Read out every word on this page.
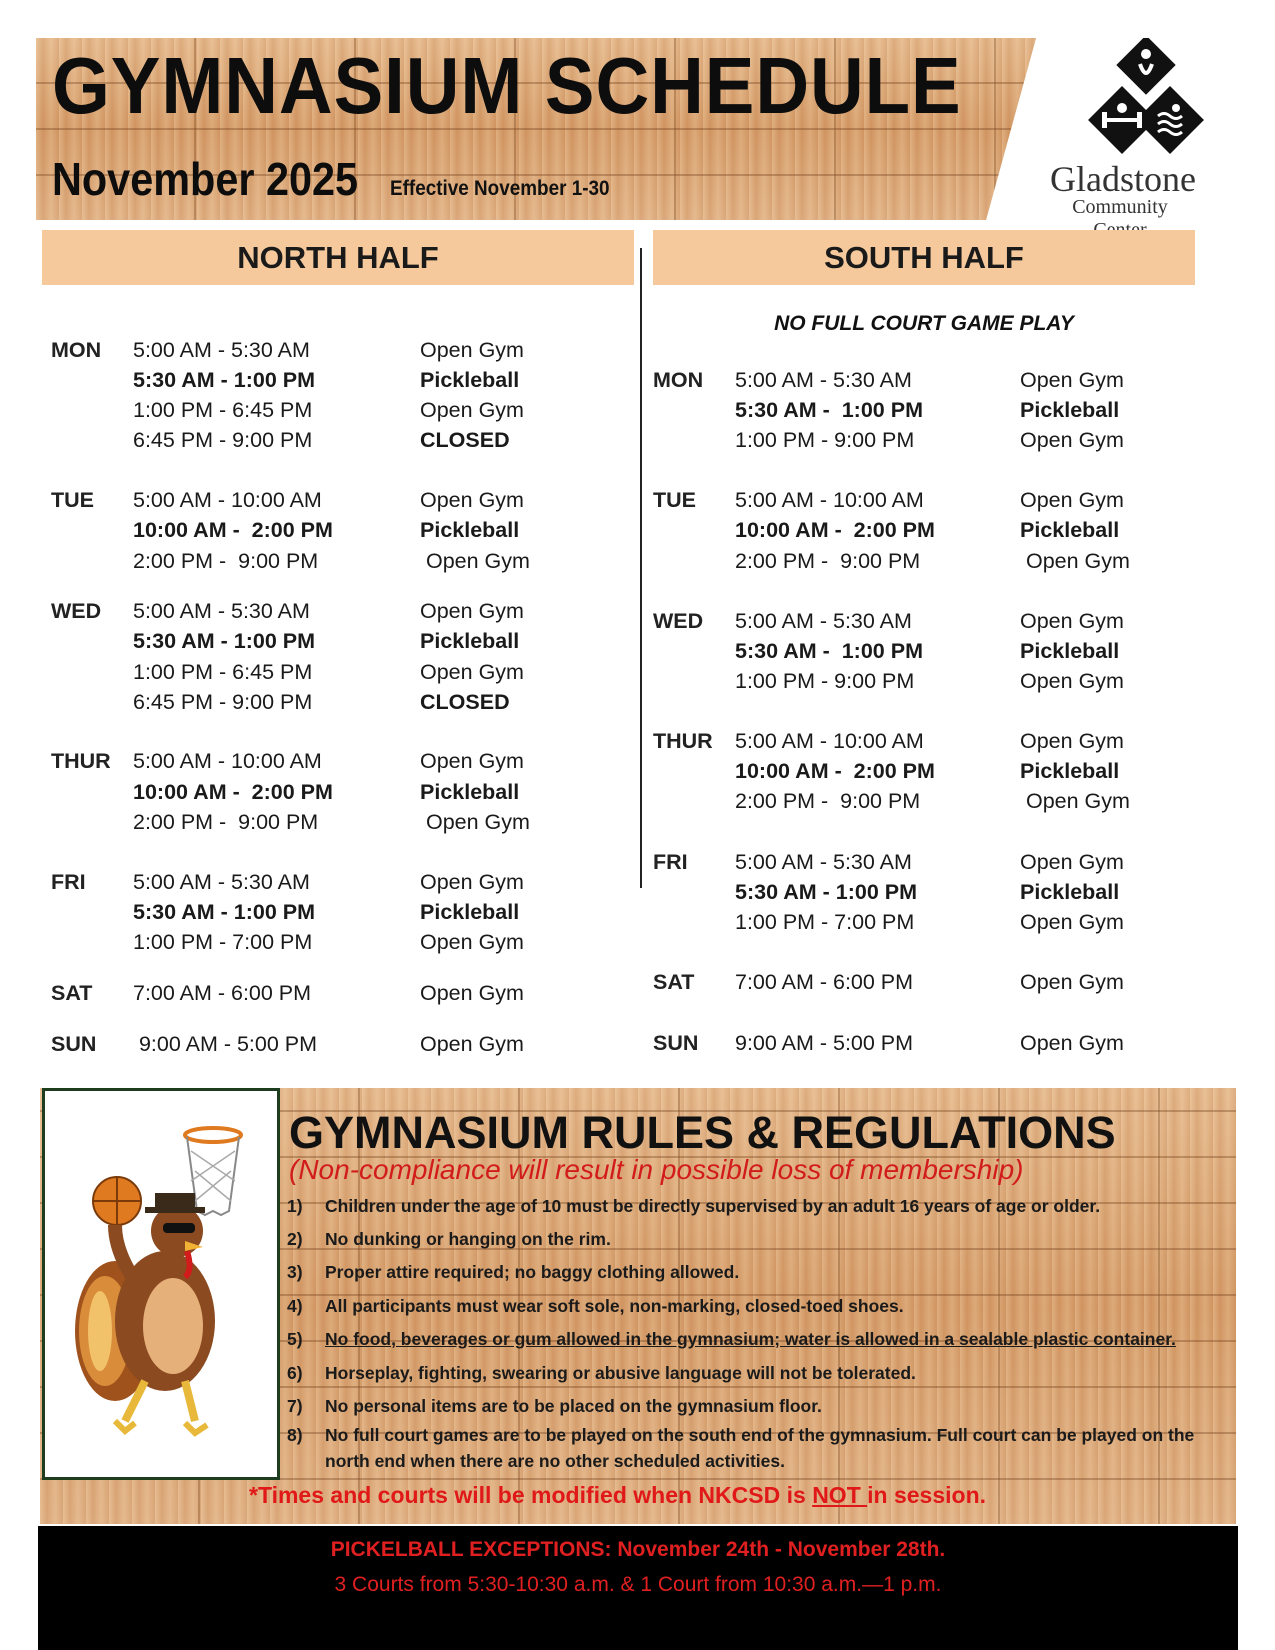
GYMNASIUM SCHEDULE
November 2025 Effective November 1-30	Gladstone
Community
NORTH HALF	SOUTH HALF
NO FULL COURT GAME PLAY
MON 5:00 AM - 5:30 AM	Open Gym
5:30 AM - 1:00 PM	Pickleball
1:00 PM - 6:45 PM	Open Gym
6:45 PM - 9:00 PM	CLOSED
TUE 5:00 AM - 10:00 AM	Open Gym
10:00 AM -  2:00 PM	Pickleball
2:00 PM -  9:00 PM	Open Gym
WED 5:00 AM - 5:30 AM	Open Gym
5:30 AM - 1:00 PM	Pickleball
1:00 PM - 6:45 PM	Open Gym
6:45 PM - 9:00 PM	CLOSED
THUR 5:00 AM - 10:00 AM	Open Gym
10:00 AM -  2:00 PM	Pickleball
2:00 PM -  9:00 PM	Open Gym
FRI 5:00 AM - 5:30 AM	Open Gym
5:30 AM - 1:00 PM	Pickleball
1:00 PM - 7:00 PM	Open Gym
SAT 7:00 AM - 6:00 PM	Open Gym
SUN 9:00 AM - 5:00 PM	Open Gym
MON 5:00 AM - 5:30 AM	Open Gym
5:30 AM -  1:00 PM	Pickleball
1:00 PM - 9:00 PM	Open Gym
TUE 5:00 AM - 10:00 AM	Open Gym
10:00 AM -  2:00 PM	Pickleball
2:00 PM -  9:00 PM	Open Gym
WED 5:00 AM - 5:30 AM	Open Gym
5:30 AM -  1:00 PM	Pickleball
1:00 PM - 9:00 PM	Open Gym
THUR 5:00 AM - 10:00 AM	Open Gym
10:00 AM -  2:00 PM	Pickleball
2:00 PM -  9:00 PM	Open Gym
FRI 5:00 AM - 5:30 AM	Open Gym
5:30 AM - 1:00 PM	Pickleball
1:00 PM - 7:00 PM	Open Gym
SAT 7:00 AM - 6:00 PM	Open Gym
SUN 9:00 AM - 5:00 PM	Open Gym
GYMNASIUM RULES & REGULATIONS
(Non-compliance will result in possible loss of membership)
1) Children under the age of 10 must be directly supervised by an adult 16 years of age or older.
2) No dunking or hanging on the rim.
3) Proper attire required; no baggy clothing allowed.
4) All participants must wear soft sole, non-marking, closed-toed shoes.
5) No food, beverages or gum allowed in the gymnasium; water is allowed in a sealable plastic container.
6) Horseplay, fighting, swearing or abusive language will not be tolerated.
7) No personal items are to be placed on the gymnasium floor.
8) No full court games are to be played on the south end of the gymnasium. Full court can be played on the
north end when there are no other scheduled activities.
*Times and courts will be modified when NKCSD is NOT in session.
PICKELBALL EXCEPTIONS: November 24th - November 28th.
3 Courts from 5:30-10:30 a.m. & 1 Court from 10:30 a.m.—1 p.m.
